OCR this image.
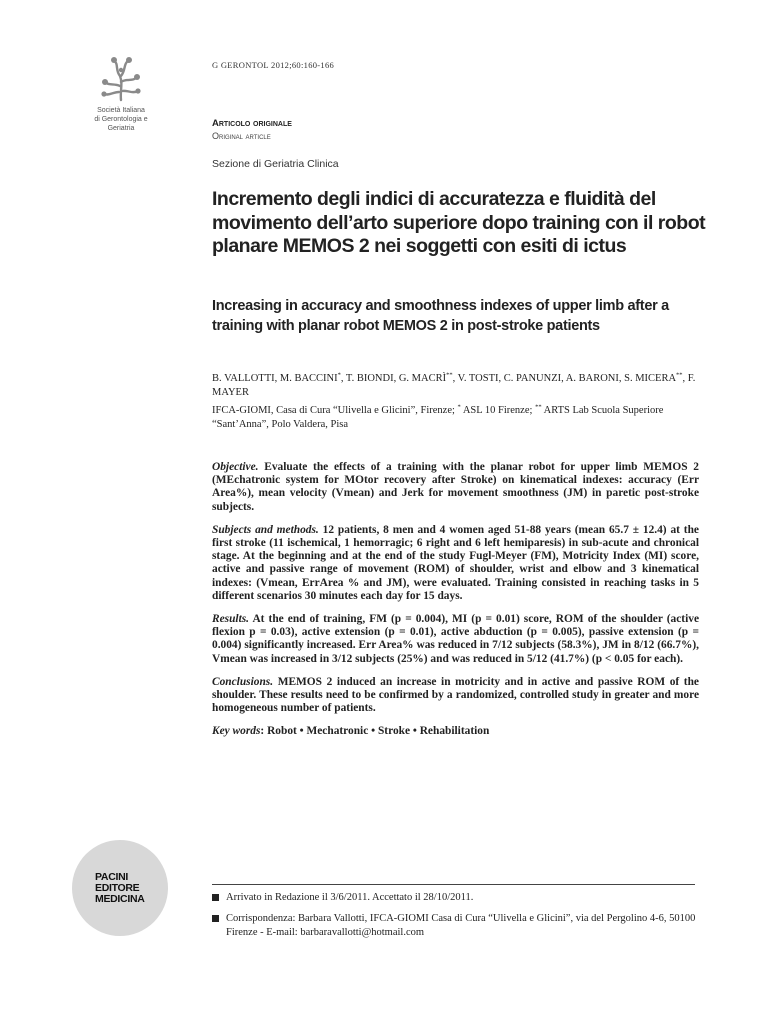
Società Italiana
di Gerontologia e
Geriatria
G GERONTOL 2012;60:160-166
Articolo originale
Original article
Sezione di Geriatria Clinica
Incremento degli indici di accuratezza e fluidità del movimento dell’arto superiore dopo training con il robot planare MEMOS 2 nei soggetti con esiti di ictus
Increasing in accuracy and smoothness indexes of upper limb after a training with planar robot MEMOS 2 in post-stroke patients
B. VALLOTTI, M. BACCINI*, T. BIONDI, G. MACRÌ**, V. TOSTI, C. PANUNZI, A. BARONI, S. MICERA**, F. MAYER
IFCA-GIOMI, Casa di Cura “Ulivella e Glicini”, Firenze; * ASL 10 Firenze; ** ARTS Lab Scuola Superiore “Sant’Anna”, Polo Valdera, Pisa

Objective. Evaluate the effects of a training with the planar robot for upper limb MEMOS 2 (MEchatronic system for MOtor recovery after Stroke) on kinematical indexes: accuracy (Err Area%), mean velocity (Vmean) and Jerk for movement smoothness (JM) in paretic post-stroke subjects.

Subjects and methods. 12 patients, 8 men and 4 women aged 51-88 years (mean 65.7 ± 12.4) at the first stroke (11 ischemical, 1 hemorragic; 6 right and 6 left hemiparesis) in sub-acute and chronical stage. At the beginning and at the end of the study Fugl-Meyer (FM), Motricity Index (MI) score, active and passive range of movement (ROM) of shoulder, wrist and elbow and 3 kinematical indexes: (Vmean, ErrArea % and JM), were evaluated. Training consisted in reaching tasks in 5 different scenarios 30 minutes each day for 15 days.

Results. At the end of training, FM (p = 0.004), MI (p = 0.01) score, ROM of the shoulder (active flexion p = 0.03), active extension (p = 0.01), active abduction (p = 0.005), passive extension (p = 0.004) significantly increased. Err Area% was reduced in 7/12 subjects (58.3%), JM in 8/12 (66.7%), Vmean was increased in 3/12 subjects (25%) and was reduced in 5/12 (41.7%) (p < 0.05 for each).

Conclusions. MEMOS 2 induced an increase in motricity and in active and passive ROM of the shoulder. These results need to be confirmed by a randomized, controlled study in greater and more homogeneous number of patients.

Key words: Robot • Mechatronic • Stroke • Rehabilitation

PACINI
EDITORE
MEDICINA	Arrivato in Redazione il 3/6/2011. Accettato il 28/10/2011.
Corrispondenza: Barbara Vallotti, IFCA-GIOMI Casa di Cura “Ulivella e Glicini”, via del Pergolino 4-6, 50100 Firenze - E-mail: barbaravallotti@hotmail.com
